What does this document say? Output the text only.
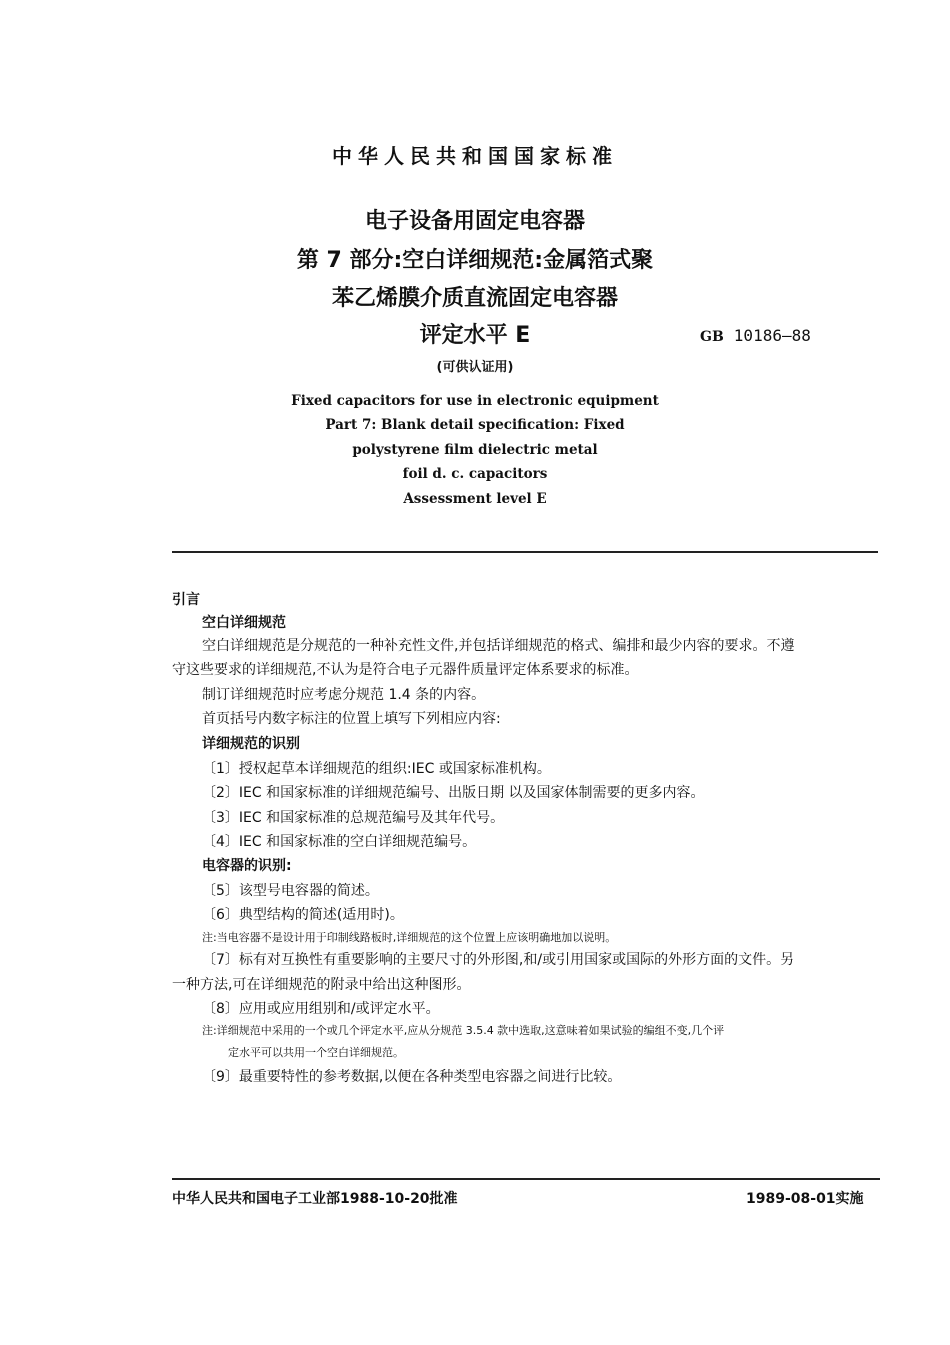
中华人民共和国国家标准
电子设备用固定电容器
第 7 部分:空白详细规范:金属箔式聚
苯乙烯膜介质直流固定电容器
评定水平 E
(可供认证用)
GB 10186—88
Fixed capacitors for use in electronic equipment
Part 7: Blank detail specification: Fixed
polystyrene film dielectric metal
foil d. c. capacitors
Assessment level E
引言
空白详细规范
空白详细规范是分规范的一种补充性文件,并包括详细规范的格式、编排和最少内容的要求。不遵
守这些要求的详细规范,不认为是符合电子元器件质量评定体系要求的标准。
制订详细规范时应考虑分规范 1.4 条的内容。
首页括号内数字标注的位置上填写下列相应内容:
详细规范的识别
〔1〕授权起草本详细规范的组织:IEC 或国家标准机构。
〔2〕IEC 和国家标准的详细规范编号、出版日期 以及国家体制需要的更多内容。
〔3〕IEC 和国家标准的总规范编号及其年代号。
〔4〕IEC 和国家标准的空白详细规范编号。
电容器的识别:
〔5〕该型号电容器的简述。
〔6〕典型结构的简述(适用时)。
注:当电容器不是设计用于印制线路板时,详细规范的这个位置上应该明确地加以说明。
〔7〕标有对互换性有重要影响的主要尺寸的外形图,和/或引用国家或国际的外形方面的文件。另
一种方法,可在详细规范的附录中给出这种图形。
〔8〕应用或应用组别和/或评定水平。
注:详细规范中采用的一个或几个评定水平,应从分规范 3.5.4 款中选取,这意味着如果试验的编组不变,几个评
定水平可以共用一个空白详细规范。
〔9〕最重要特性的参考数据,以便在各种类型电容器之间进行比较。
中华人民共和国电子工业部1988-10-20批准	1989-08-01实施
